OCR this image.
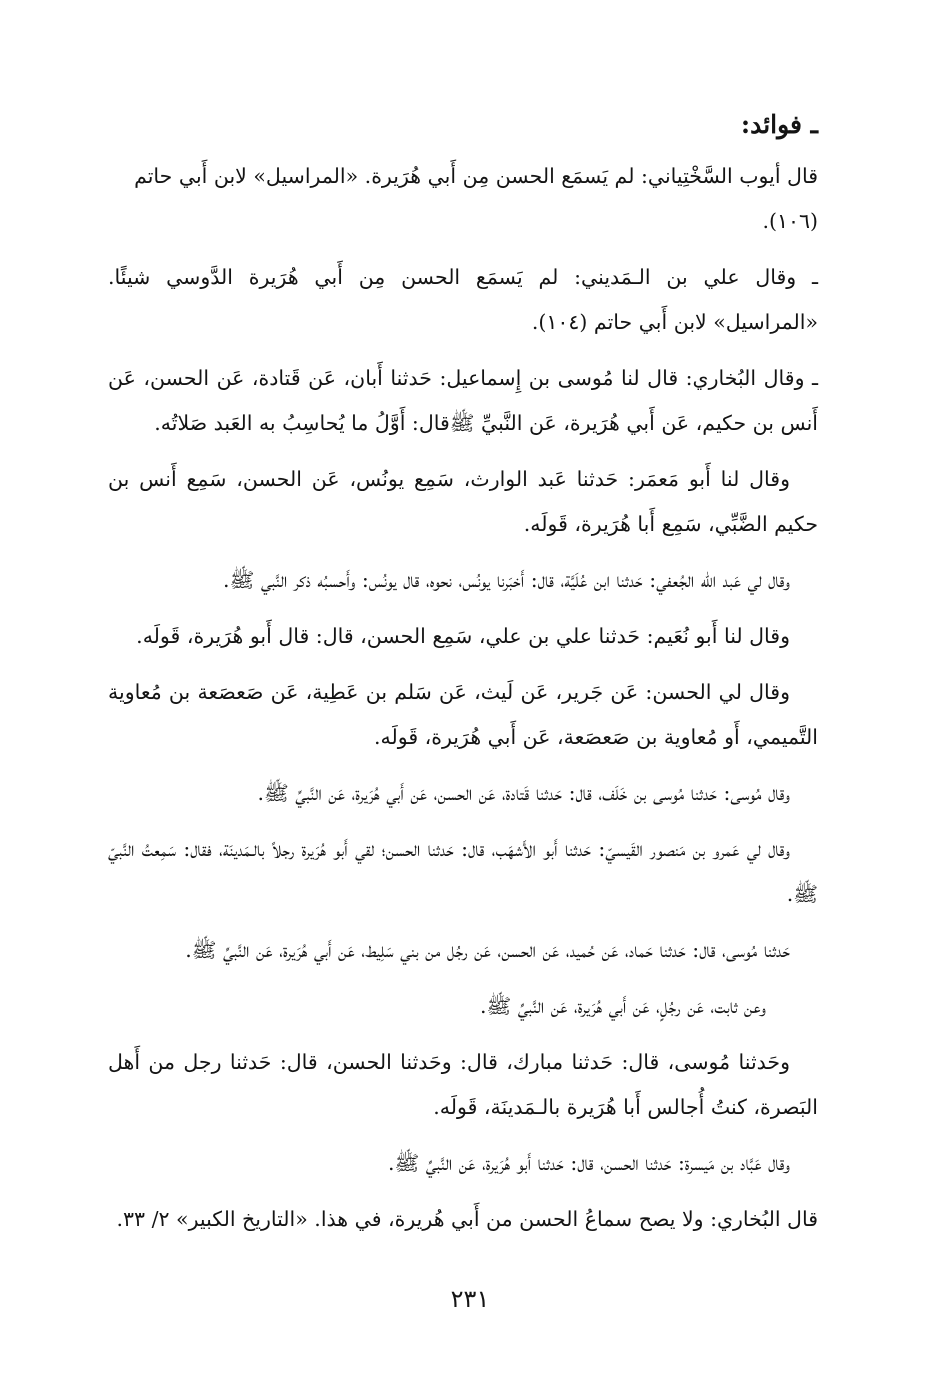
ـ فوائد:

قال أيوب السَّخْتِياني: لم يَسمَع الحسن مِن أَبي هُرَيرة. «المراسيل» لابن أَبي حاتم (١٠٦).

ـ وقال علي بن الـمَديني: لم يَسمَع الحسن مِن أَبي هُرَيرة الدَّوسي شيئًا. «المراسيل» لابن أَبي حاتم (١٠٤).

ـ وقال البُخاري: قال لنا مُوسى بن إِسماعيل: حَدثنا أَبان، عَن قَتادة، عَن الحسن، عَن أَنس بن حكيم، عَن أَبي هُرَيرة، عَن النَّبيِّ ﷺقال: أَوَّلُ ما يُحاسِبُ به العَبد صَلاتُه.

وقال لنا أَبو مَعمَر: حَدثنا عَبد الوارث، سَمِع يونُس، عَن الحسن، سَمِع أَنس بن حكيم الضَّبِّي، سَمِع أَبا هُرَيرة، قَولَه.

وقال لي عَبد الله الجُعفي: حَدثنا ابن عُلَيَّة، قال: أَخبَرنا يونُس، نحوه، قال يونُس: وأَحسبُه ذكر النَّبي ﷺ.

وقال لنا أَبو نُعَيم: حَدثنا علي بن علي، سَمِع الحسن، قال: قال أَبو هُرَيرة، قَولَه.

وقال لي الحسن: عَن جَرير، عَن لَيث، عَن سَلم بن عَطِية، عَن صَعصَعة بن مُعاوية التَّميمي، أَو مُعاوية بن صَعصَعة، عَن أَبي هُرَيرة، قَولَه.

وقال مُوسى: حَدثنا مُوسى بن خَلَف، قال: حَدثنا قَتادة، عَن الحسن، عَن أَبي هُرَيرة، عَن النَّبيِّ ﷺ.

وقال لي عَمرو بن مَنصور القَيسيّ: حَدثنا أَبو الأَشهَب، قال: حَدثنا الحسن؛ لقي أَبو هُرَيرة رجلاً بالـمَدينَة، فقال: سَمِعتُ النَّبيّ ﷺ.

حَدثنا مُوسى، قال: حَدثنا حَماد، عَن حُميد، عَن الحسن، عَن رجُل من بني سَلِيط، عَن أَبي هُرَيرة، عَن النَّبيِّ ﷺ.

وعن ثابت، عَن رجُلٍ، عَن أَبي هُرَيرة، عَن النَّبيِّ ﷺ.

وحَدثنا مُوسى، قال: حَدثنا مبارك، قال: وحَدثنا الحسن، قال: حَدثنا رجل من أَهل البَصرة، كنتُ أُجالس أَبا هُرَيرة بالـمَدينَة، قَولَه.

وقال عَبَّاد بن مَيسرة: حَدثنا الحسن، قال: حَدثنا أَبو هُرَيرة، عَن النَّبيِّ ﷺ.

قال البُخاري: ولا يصح سماعُ الحسن من أَبي هُريرة، في هذا. «التاريخ الكبير» ٢/ ٣٣.

٢٣١
